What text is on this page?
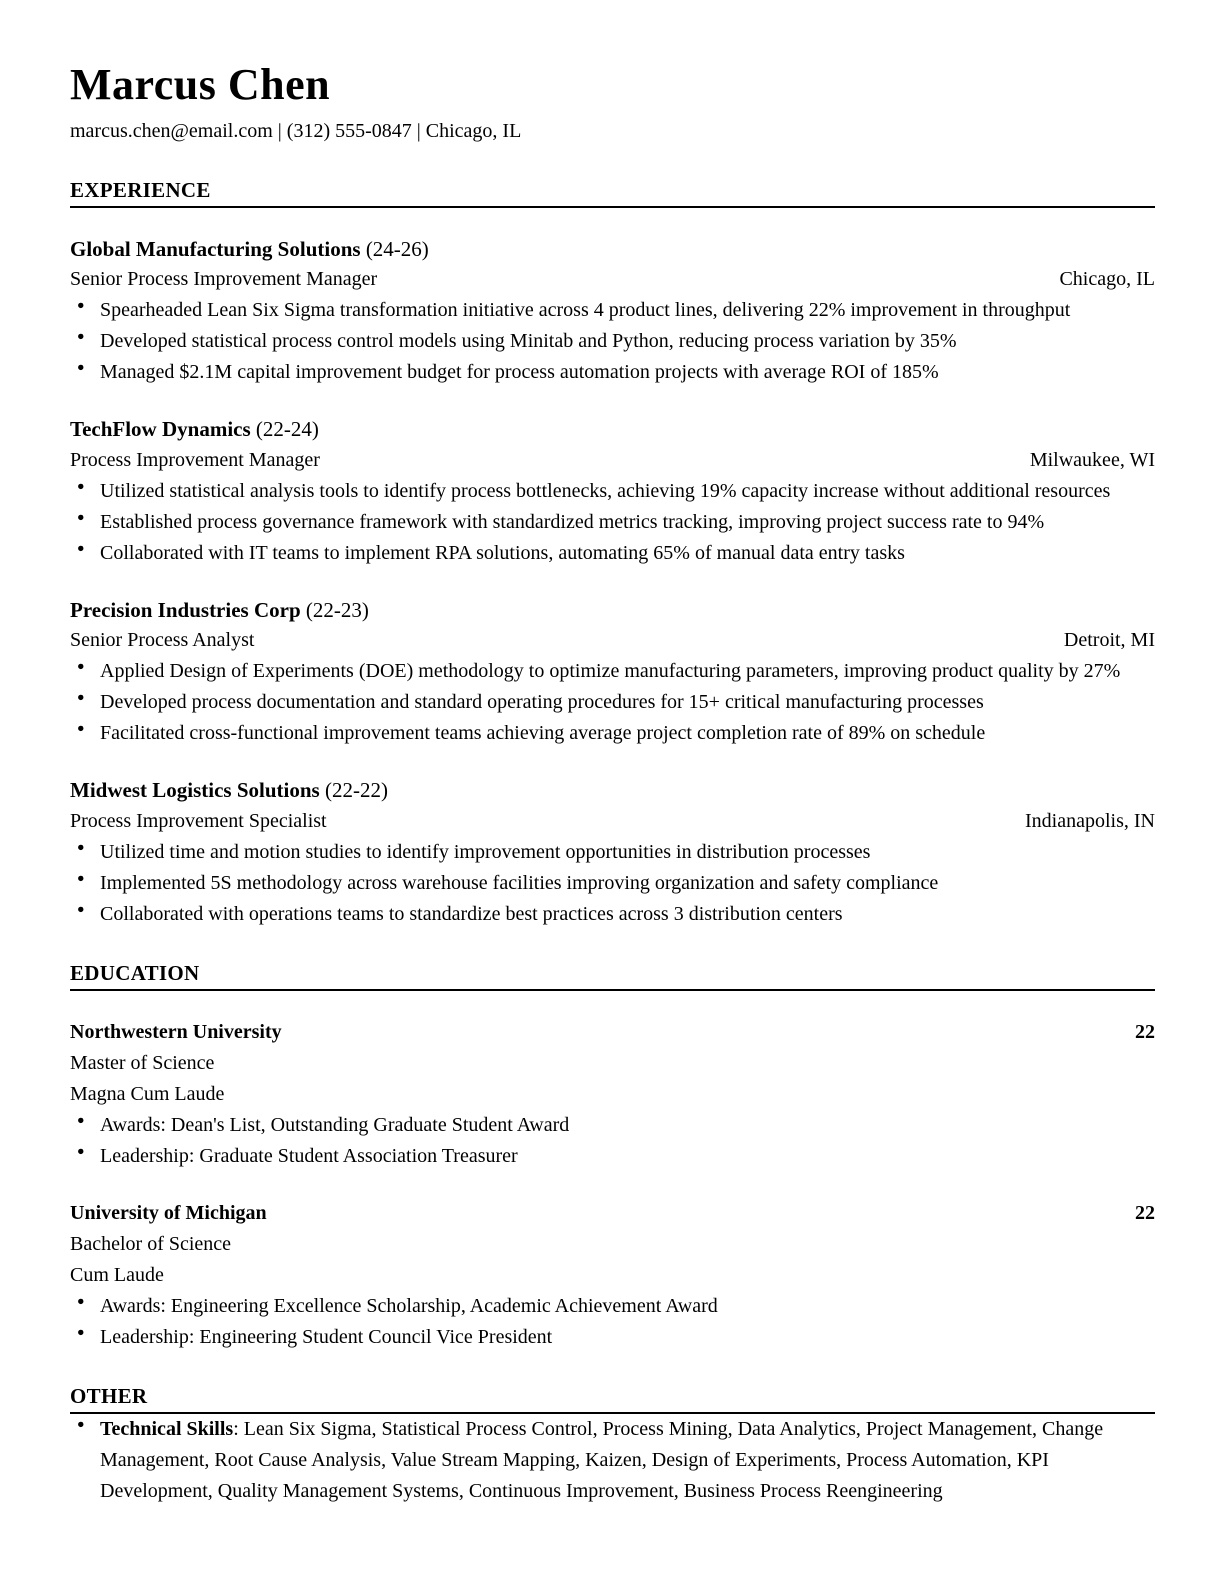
Marcus Chen
marcus.chen@email.com | (312) 555-0847 | Chicago, IL
EXPERIENCE
Global Manufacturing Solutions (24-26)
Senior Process Improvement Manager	Chicago, IL
● Spearheaded Lean Six Sigma transformation initiative across 4 product lines, delivering 22% improvement in throughput
● Developed statistical process control models using Minitab and Python, reducing process variation by 35%
● Managed $2.1M capital improvement budget for process automation projects with average ROI of 185%
TechFlow Dynamics (22-24)
Process Improvement Manager	Milwaukee, WI
● Utilized statistical analysis tools to identify process bottlenecks, achieving 19% capacity increase without additional resources
● Established process governance framework with standardized metrics tracking, improving project success rate to 94%
● Collaborated with IT teams to implement RPA solutions, automating 65% of manual data entry tasks
Precision Industries Corp (22-23)
Senior Process Analyst	Detroit, MI
● Applied Design of Experiments (DOE) methodology to optimize manufacturing parameters, improving product quality by 27%
● Developed process documentation and standard operating procedures for 15+ critical manufacturing processes
● Facilitated cross-functional improvement teams achieving average project completion rate of 89% on schedule
Midwest Logistics Solutions (22-22)
Process Improvement Specialist	Indianapolis, IN
● Utilized time and motion studies to identify improvement opportunities in distribution processes
● Implemented 5S methodology across warehouse facilities improving organization and safety compliance
● Collaborated with operations teams to standardize best practices across 3 distribution centers
EDUCATION
Northwestern University	22
Master of Science
Magna Cum Laude
● Awards: Dean's List, Outstanding Graduate Student Award
● Leadership: Graduate Student Association Treasurer
University of Michigan	22
Bachelor of Science
Cum Laude
● Awards: Engineering Excellence Scholarship, Academic Achievement Award
● Leadership: Engineering Student Council Vice President
OTHER
● Technical Skills: Lean Six Sigma, Statistical Process Control, Process Mining, Data Analytics, Project Management, Change Management, Root Cause Analysis, Value Stream Mapping, Kaizen, Design of Experiments, Process Automation, KPI Development, Quality Management Systems, Continuous Improvement, Business Process Reengineering
